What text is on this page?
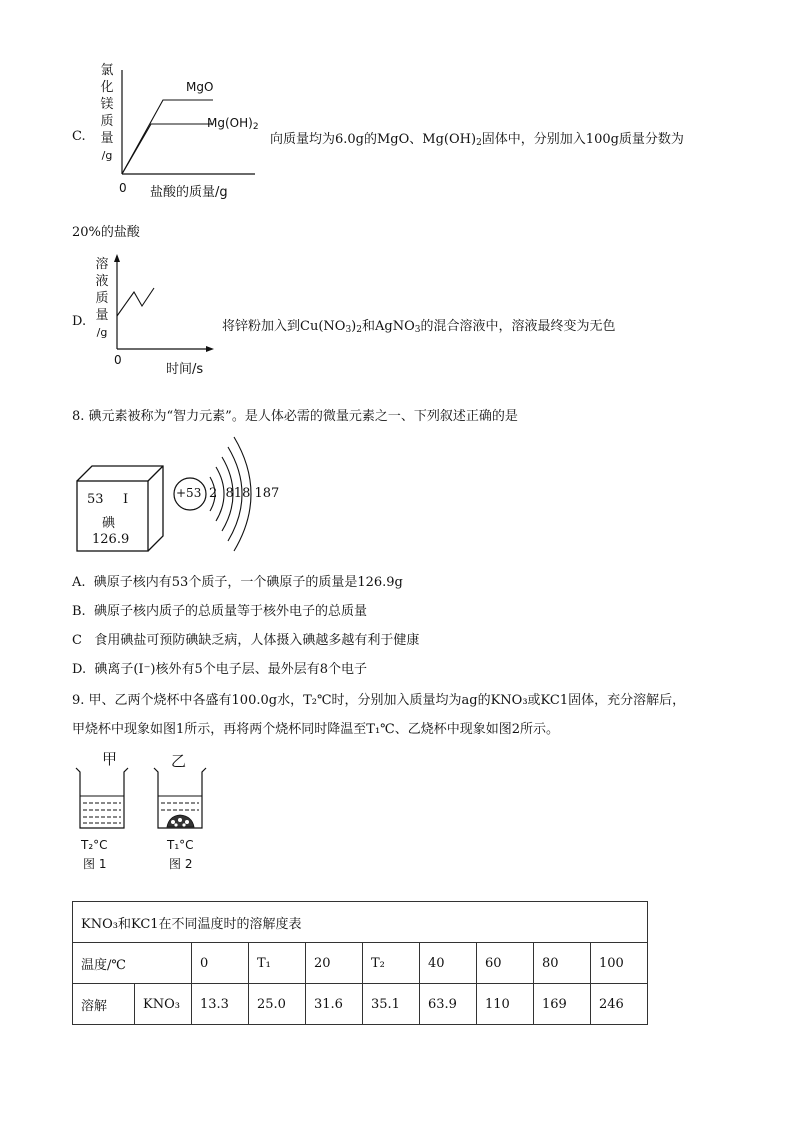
C.
氯
化
镁
质
量
/g
MgO
$Mg(OH)_2$
0 盐酸的质量/g
向质量均为6.0g的MgO、$Mg(OH)_2$固体中，分别加入100g质量分数为
20%的盐酸
D.
溶
液
质
量
/g
0
时间/s
将锌粉加入到$Cu(NO_3)_2$和AgNO$_3$的混合溶液中，溶液最终变为无色
8. 碘元素被称为“智力元素”。是人体必需的微量元素之一、下列叙述正确的是
53 I
碘
126.9
+53 2  818 187
A.  碘原子核内有53个质子，一个碘原子的质量是126.9g
B.  碘原子核内质子的总质量等于核外电子的总质量
C   食用碘盐可预防碘缺乏病，人体摄入碘越多越有利于健康
D.  碘离子(I⁻)核外有5个电子层、最外层有8个电子
9. 甲、乙两个烧杯中各盛有100.0g水，T₂℃时，分别加入质量均为ag的KNO₃或KC1固体，充分溶解后，
甲烧杯中现象如图1所示，再将两个烧杯同时降温至T₁℃、乙烧杯中现象如图2所示。
甲	乙
T₂°C
图 1
T₁°C
图 2
KNO₃和KC1在不同温度时的溶解度表									
温度/℃		0	T₁	20	T₂	40	60	80	100
溶解	KNO₃	13.3	25.0	31.6	35.1	63.9	110	169	246
